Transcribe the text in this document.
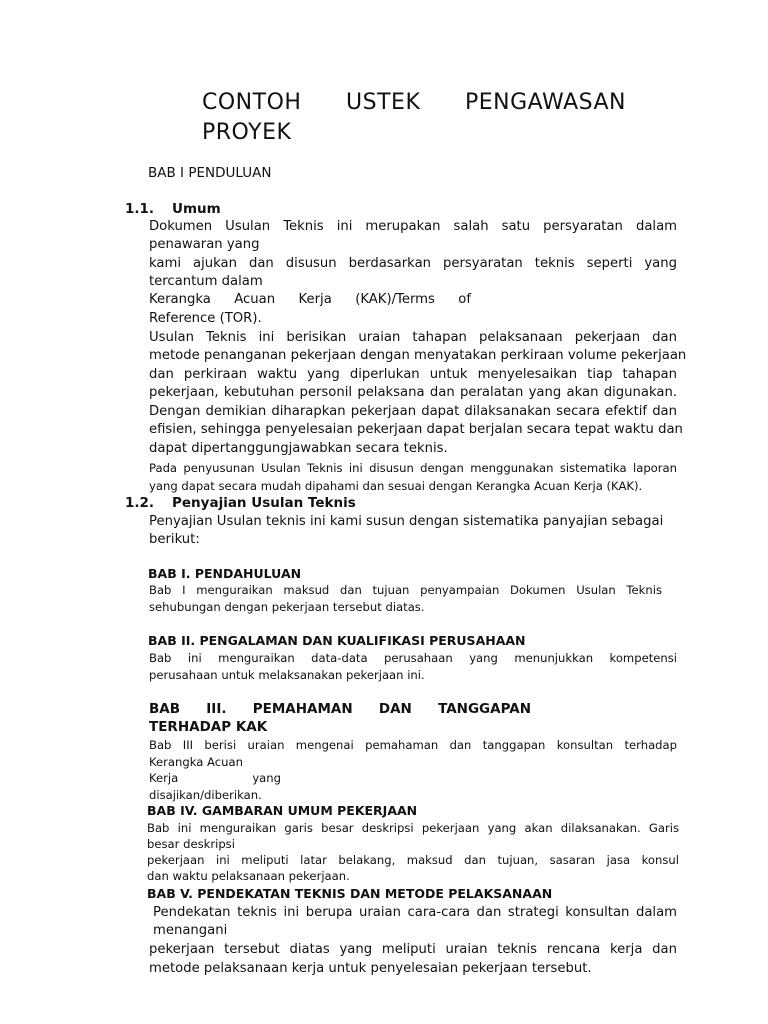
CONTOH USTEK PENGAWASAN
PROYEK
BAB I PENDULUAN
1.1. Umum
Dokumen Usulan Teknis ini merupakan salah satu persyaratan dalam
penawaran yang
kami ajukan dan disusun berdasarkan persyaratan teknis seperti yang
tercantum dalam
Kerangka Acuan Kerja (KAK)/Terms of
Reference (TOR).
Usulan Teknis ini berisikan uraian tahapan pelaksanaan pekerjaan dan
metode penanganan pekerjaan dengan menyatakan perkiraan volume pekerjaan
dan perkiraan waktu yang diperlukan untuk menyelesaikan tiap tahapan
pekerjaan, kebutuhan personil pelaksana dan peralatan yang akan digunakan.
Dengan demikian diharapkan pekerjaan dapat dilaksanakan secara efektif dan
efisien, sehingga penyelesaian pekerjaan dapat berjalan secara tepat waktu dan
dapat dipertanggungjawabkan secara teknis.
Pada penyusunan Usulan Teknis ini disusun dengan menggunakan sistematika laporan
yang dapat secara mudah dipahami dan sesuai dengan Kerangka Acuan Kerja (KAK).
1.2. Penyajian Usulan Teknis
Penyajian Usulan teknis ini kami susun dengan sistematika panyajian sebagai
berikut:
BAB I. PENDAHULUAN
Bab I menguraikan maksud dan tujuan penyampaian Dokumen Usulan Teknis
sehubungan dengan pekerjaan tersebut diatas.
BAB II. PENGALAMAN DAN KUALIFIKASI PERUSAHAAN
Bab ini menguraikan data-data perusahaan yang menunjukkan kompetensi
perusahaan untuk melaksanakan pekerjaan ini.
BAB III. PEMAHAMAN DAN TANGGAPAN
TERHADAP KAK
Bab III berisi uraian mengenai pemahaman dan tanggapan konsultan terhadap
Kerangka Acuan
Kerja yang
disajikan/diberikan.
BAB IV. GAMBARAN UMUM PEKERJAAN
Bab ini menguraikan garis besar deskripsi pekerjaan yang akan dilaksanakan. Garis
besar deskripsi
pekerjaan ini meliputi latar belakang, maksud dan tujuan, sasaran jasa konsul
dan waktu pelaksanaan pekerjaan.
BAB V. PENDEKATAN TEKNIS DAN METODE PELAKSANAAN
Pendekatan teknis ini berupa uraian cara-cara dan strategi konsultan dalam
menangani
pekerjaan tersebut diatas yang meliputi uraian teknis rencana kerja dan
metode pelaksanaan kerja untuk penyelesaian pekerjaan tersebut.
